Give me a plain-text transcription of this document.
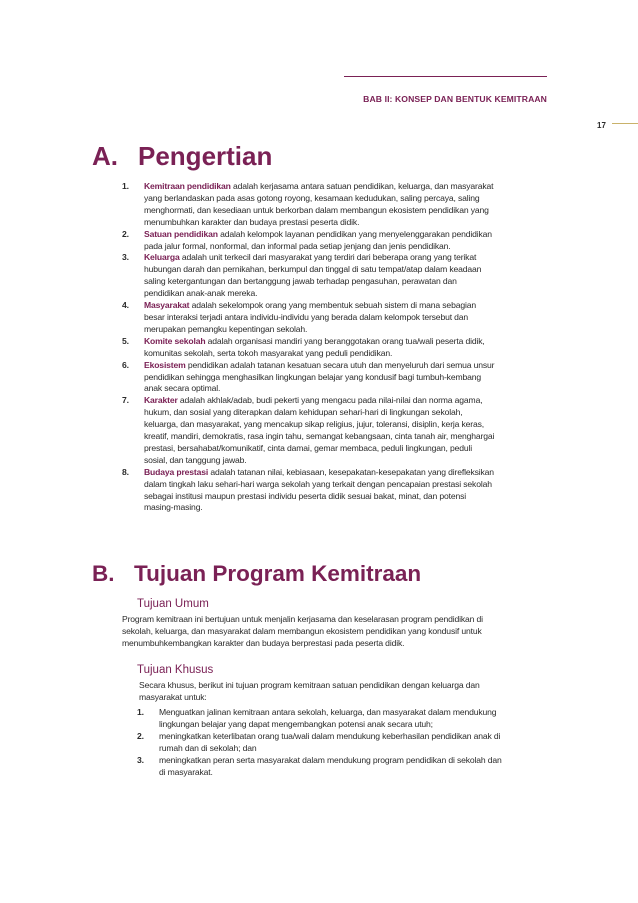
BAB II: KONSEP DAN BENTUK KEMITRAAN
17
A. Pengertian
1. Kemitraan pendidikan adalah kerjasama antara satuan pendidikan, keluarga, dan masyarakat
yang berlandaskan pada asas gotong royong, kesamaan kedudukan, saling percaya, saling
menghormati, dan kesediaan untuk berkorban dalam membangun ekosistem pendidikan yang
menumbuhkan karakter dan budaya prestasi peserta didik.
2. Satuan pendidikan adalah kelompok layanan pendidikan yang menyelenggarakan pendidikan
pada jalur formal, nonformal, dan informal pada setiap jenjang dan jenis pendidikan.
3. Keluarga adalah unit terkecil dari masyarakat yang terdiri dari beberapa orang yang terikat
hubungan darah dan pernikahan, berkumpul dan tinggal di satu tempat/atap dalam keadaan
saling ketergantungan dan bertanggung jawab terhadap pengasuhan, perawatan dan
pendidikan anak-anak mereka.
4. Masyarakat adalah sekelompok orang yang membentuk sebuah sistem di mana sebagian
besar interaksi terjadi antara individu-individu yang berada dalam kelompok tersebut dan
merupakan pemangku kepentingan sekolah.
5. Komite sekolah adalah organisasi mandiri yang beranggotakan orang tua/wali peserta didik,
komunitas sekolah, serta tokoh masyarakat yang peduli pendidikan.
6. Ekosistem pendidikan adalah tatanan kesatuan secara utuh dan menyeluruh dari semua unsur
pendidikan sehingga menghasilkan lingkungan belajar yang kondusif bagi tumbuh-kembang
anak secara optimal.
7. Karakter adalah akhlak/adab, budi pekerti yang mengacu pada nilai-nilai dan norma agama,
hukum, dan sosial yang diterapkan dalam kehidupan sehari-hari di lingkungan sekolah,
keluarga, dan masyarakat, yang mencakup sikap religius, jujur, toleransi, disiplin, kerja keras,
kreatif, mandiri, demokratis, rasa ingin tahu, semangat kebangsaan, cinta tanah air, menghargai
prestasi, bersahabat/komunikatif, cinta damai, gemar membaca, peduli lingkungan, peduli
sosial, dan tanggung jawab.
8. Budaya prestasi adalah tatanan nilai, kebiasaan, kesepakatan-kesepakatan yang direfleksikan
dalam tingkah laku sehari-hari warga sekolah yang terkait dengan pencapaian prestasi sekolah
sebagai institusi maupun prestasi individu peserta didik sesuai bakat, minat, dan potensi
masing-masing.
B. Tujuan Program Kemitraan
Tujuan Umum
Program kemitraan ini bertujuan untuk menjalin kerjasama dan keselarasan program pendidikan di
sekolah, keluarga, dan masyarakat dalam membangun ekosistem pendidikan yang kondusif untuk
menumbuhkembangkan karakter dan budaya berprestasi pada peserta didik.
Tujuan Khusus
Secara khusus, berikut ini tujuan program kemitraan satuan pendidikan dengan keluarga dan
masyarakat untuk:
1. Menguatkan jalinan kemitraan antara sekolah, keluarga, dan masyarakat dalam mendukung
lingkungan belajar yang dapat mengembangkan potensi anak secara utuh;
2. meningkatkan keterlibatan orang tua/wali dalam mendukung keberhasilan pendidikan anak di
rumah dan di sekolah; dan
3. meningkatkan peran serta masyarakat dalam mendukung program pendidikan di sekolah dan
di masyarakat.
